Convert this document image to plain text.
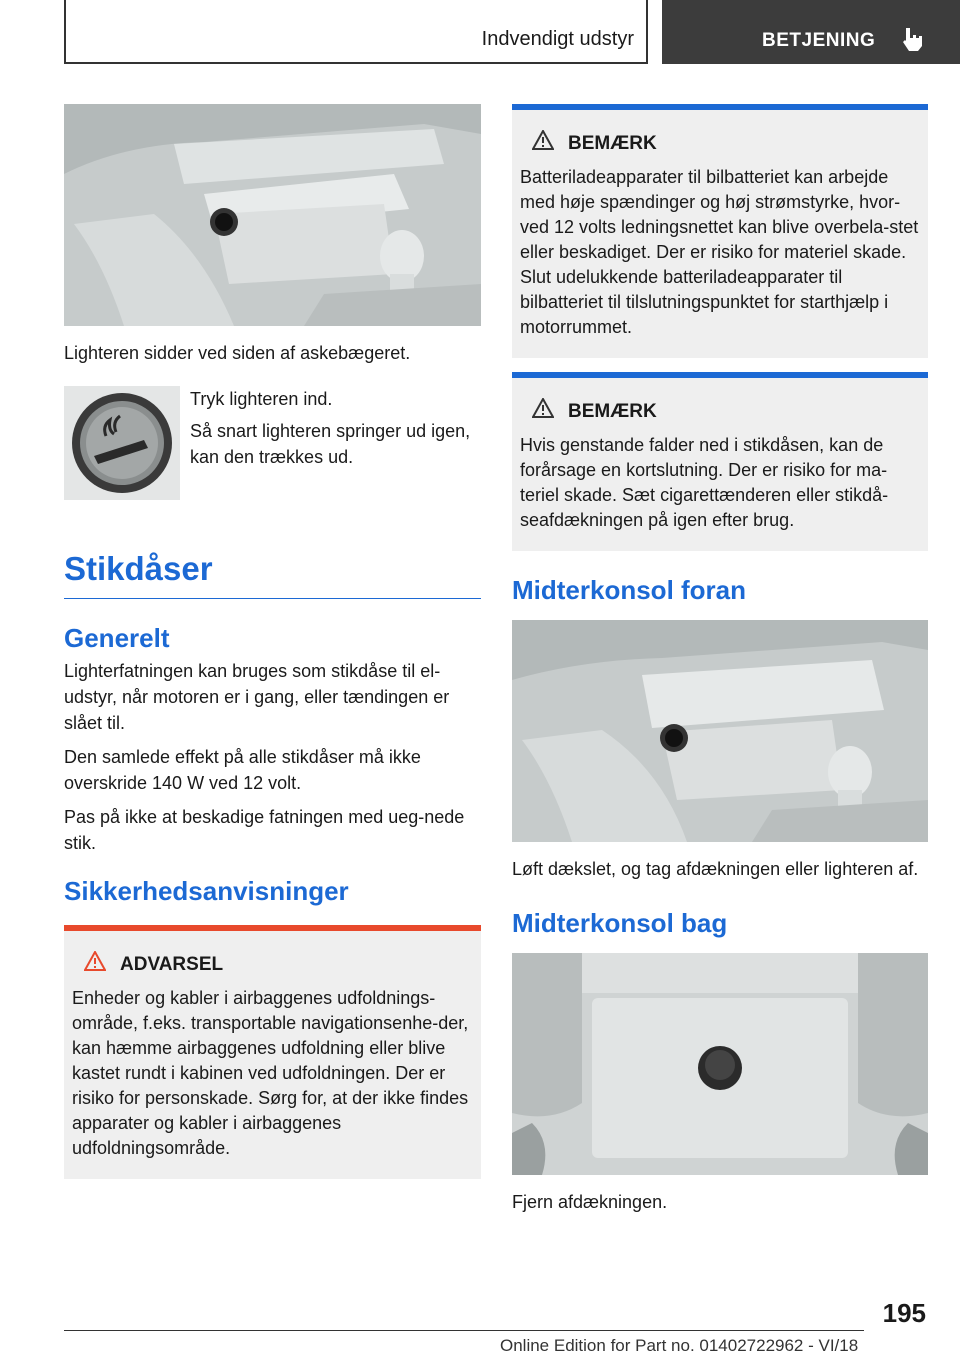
Indvendigt udstyr	BETJENING

Lighteren sidder ved siden af askebægeret.

Tryk lighteren ind.

Så snart lighteren springer ud igen, kan den trækkes ud.

Stikdåser
Generelt

Lighterfatningen kan bruges som stikdåse til el-udstyr, når motoren er i gang, eller tændingen er slået til.

Den samlede effekt på alle stikdåser må ikke overskride 140 W ved 12 volt.

Pas på ikke at beskadige fatningen med ueg-nede stik.

Sikkerhedsanvisninger
ADVARSEL
Enheder og kabler i airbaggenes udfoldnings-område, f.eks. transportable navigationsenhe-der, kan hæmme airbaggenes udfoldning eller blive kastet rundt i kabinen ved udfoldningen. Der er risiko for personskade. Sørg for, at der ikke findes apparater og kabler i airbaggenes udfoldningsområde.
BEMÆRK
Batteriladeapparater til bilbatteriet kan arbejde med høje spændinger og høj strømstyrke, hvor-ved 12 volts ledningsnettet kan blive overbela-stet eller beskadiget. Der er risiko for materiel skade. Slut udelukkende batteriladeapparater til bilbatteriet til tilslutningspunktet for starthjælp i motorrummet.
BEMÆRK
Hvis genstande falder ned i stikdåsen, kan de forårsage en kortslutning. Der er risiko for ma-teriel skade. Sæt cigarettænderen eller stikdå-seafdækningen på igen efter brug.
Midterkonsol foran

Løft dækslet, og tag afdækningen eller lighteren af.

Midterkonsol bag

Fjern afdækningen.

195
Online Edition for Part no. 01402722962 - VI/18
